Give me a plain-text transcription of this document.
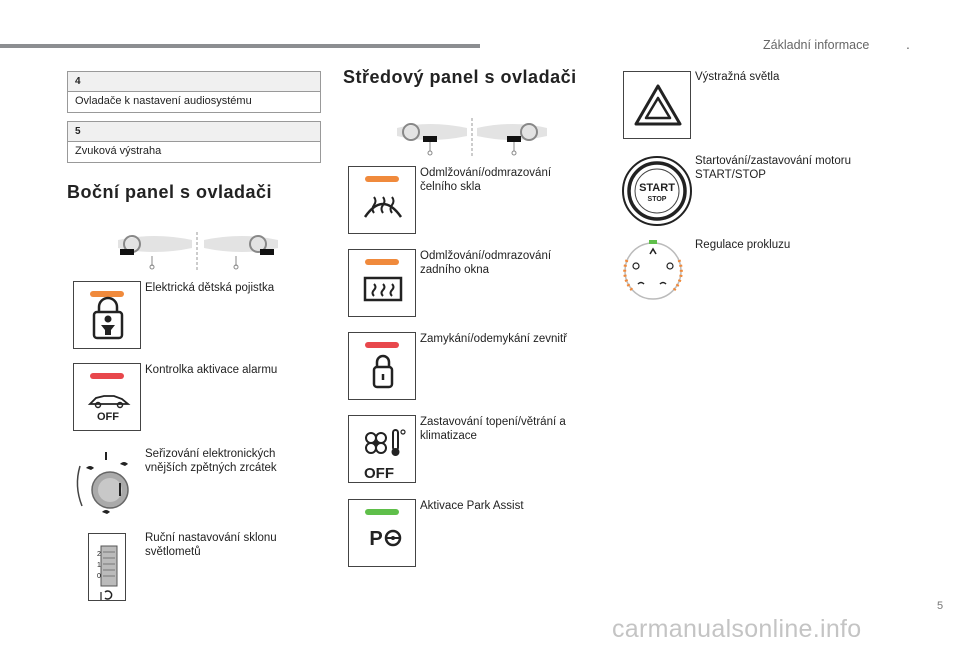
Základní informace	.
4
Ovladače k nastavení audiosystému
5
Zvuková výstraha
Boční panel s ovladači
Elektrická dětská pojistka
OFF
Kontrolka aktivace alarmu
Seřizování elektronických vnějších zpětných zrcátek
2
1
0
Ruční nastavování sklonu světlometů
Středový panel s ovladači
Odmlžování/odmrazování čelního skla
Odmlžování/odmrazování zadního okna
Zamykání/odemykání zevnitř
OFF
Zastavování topení/větrání a klimatizace
P
Aktivace Park Assist
Výstražná světla
START
STOP
Startování/zastavování motoru START/STOP
Regulace prokluzu
5
carmanualsonline.info
